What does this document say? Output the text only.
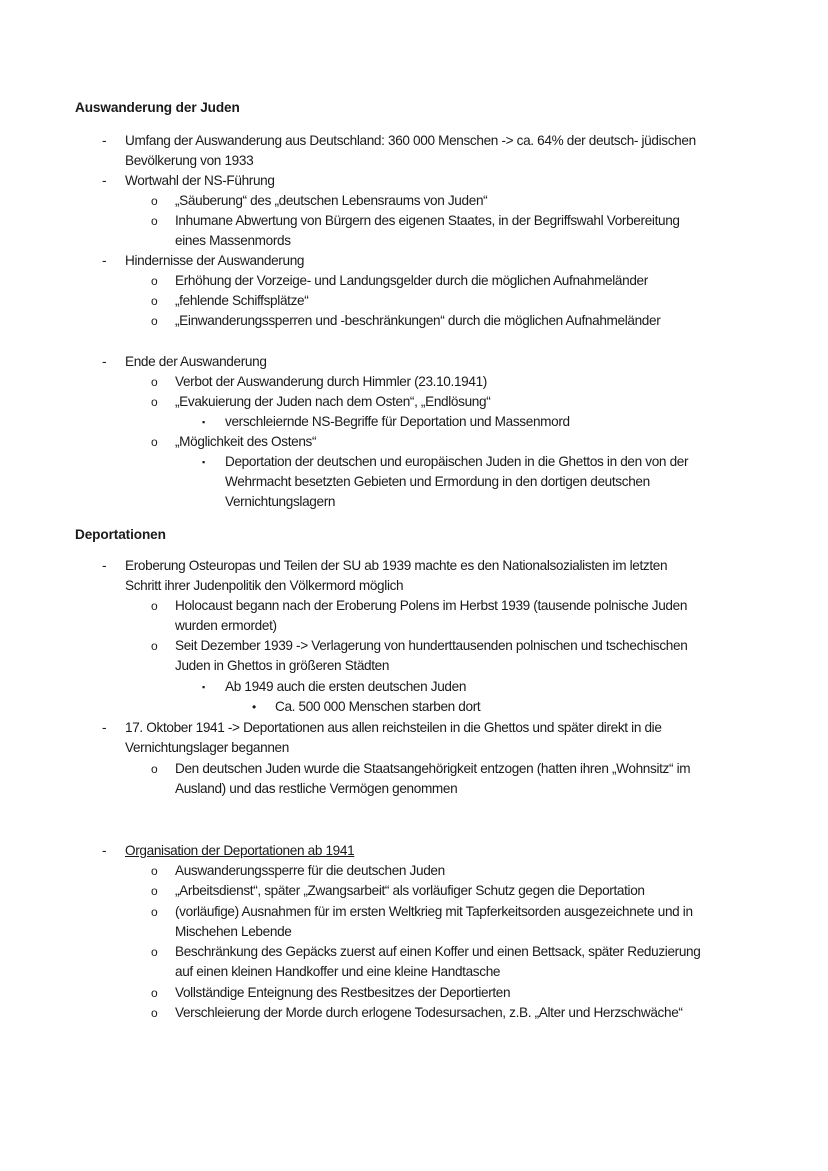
Auswanderung der Juden
- Umfang der Auswanderung aus Deutschland: 360 000 Menschen -> ca. 64% der deutsch- jüdischen
Bevölkerung von 1933
- Wortwahl der NS-Führung
o „Säuberung“ des „deutschen Lebensraums von Juden“
o Inhumane Abwertung von Bürgern des eigenen Staates, in der Begriffswahl Vorbereitung
eines Massenmords
- Hindernisse der Auswanderung
o Erhöhung der Vorzeige- und Landungsgelder durch die möglichen Aufnahmeländer
o „fehlende Schiffsplätze“
o „Einwanderungssperren und -beschränkungen“ durch die möglichen Aufnahmeländer
- Ende der Auswanderung
o Verbot der Auswanderung durch Himmler (23.10.1941)
o „Evakuierung der Juden nach dem Osten“, „Endlösung“
▪ verschleiernde NS-Begriffe für Deportation und Massenmord
o „Möglichkeit des Ostens“
▪ Deportation der deutschen und europäischen Juden in die Ghettos in den von der
Wehrmacht besetzten Gebieten und Ermordung in den dortigen deutschen
Vernichtungslagern
Deportationen
- Eroberung Osteuropas und Teilen der SU ab 1939 machte es den Nationalsozialisten im letzten
Schritt ihrer Judenpolitik den Völkermord möglich
o Holocaust begann nach der Eroberung Polens im Herbst 1939 (tausende polnische Juden
wurden ermordet)
o Seit Dezember 1939 -> Verlagerung von hunderttausenden polnischen und tschechischen
Juden in Ghettos in größeren Städten
▪ Ab 1949 auch die ersten deutschen Juden
• Ca. 500 000 Menschen starben dort
- 17. Oktober 1941 -> Deportationen aus allen reichsteilen in die Ghettos und später direkt in die
Vernichtungslager begannen
o Den deutschen Juden wurde die Staatsangehörigkeit entzogen (hatten ihren „Wohnsitz“ im
Ausland) und das restliche Vermögen genommen
- Organisation der Deportationen ab 1941
o Auswanderungssperre für die deutschen Juden
o „Arbeitsdienst“, später „Zwangsarbeit“ als vorläufiger Schutz gegen die Deportation
o (vorläufige) Ausnahmen für im ersten Weltkrieg mit Tapferkeitsorden ausgezeichnete und in
Mischehen Lebende
o Beschränkung des Gepäcks zuerst auf einen Koffer und einen Bettsack, später Reduzierung
auf einen kleinen Handkoffer und eine kleine Handtasche
o Vollständige Enteignung des Restbesitzes der Deportierten
o Verschleierung der Morde durch erlogene Todesursachen, z.B. „Alter und Herzschwäche“
